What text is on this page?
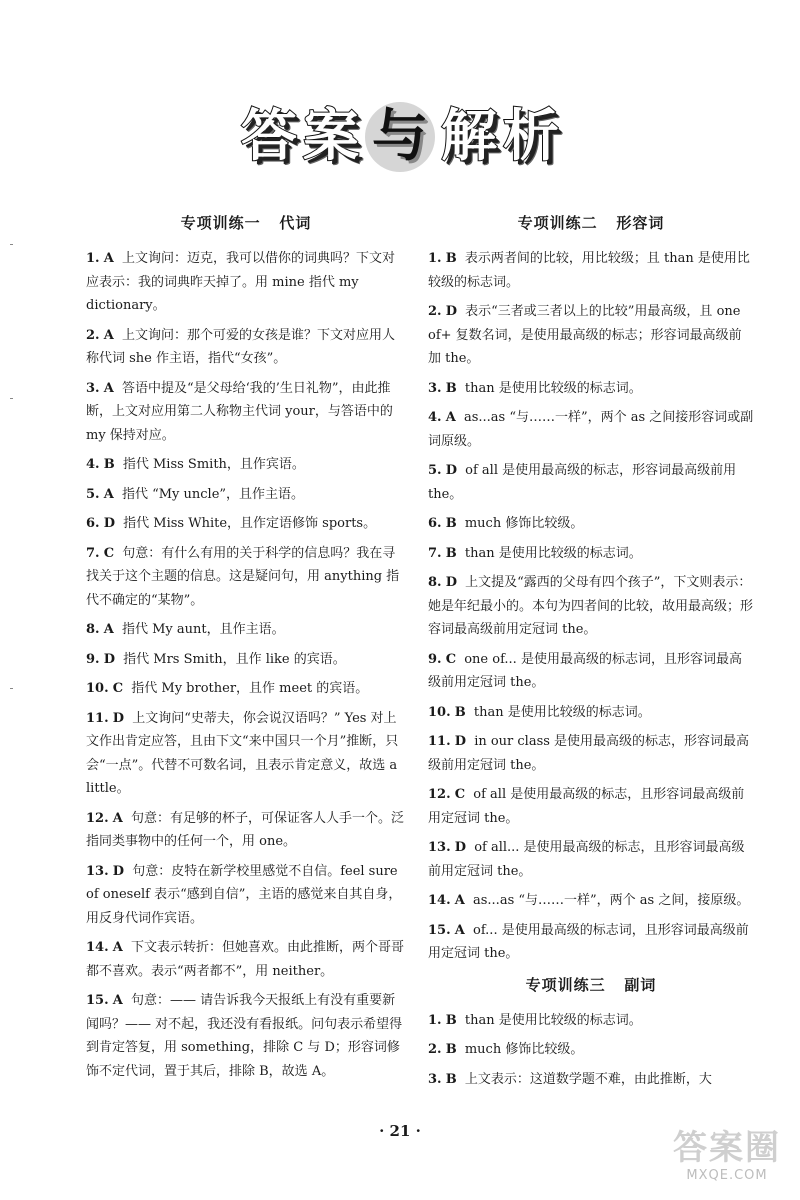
答 案 与 解 析
专项训练一   代词
1. A 上文询问：迈克，我可以借你的词典吗？下文对应表示：我的词典昨天掉了。用 mine 指代 my dictionary。
2. A 上文询问：那个可爱的女孩是谁？下文对应用人称代词 she 作主语，指代“女孩”。
3. A 答语中提及“是父母给‘我的’生日礼物”，由此推断，上文对应用第二人称物主代词 your，与答语中的 my 保持对应。
4. B 指代 Miss Smith，且作宾语。
5. A 指代 “My uncle”，且作主语。
6. D 指代 Miss White，且作定语修饰 sports。
7. C 句意：有什么有用的关于科学的信息吗？我在寻找关于这个主题的信息。这是疑问句，用 anything 指代不确定的“某物”。
8. A 指代 My aunt，且作主语。
9. D 指代 Mrs Smith，且作 like 的宾语。
10. C 指代 My brother，且作 meet 的宾语。
11. D 上文询问“史蒂夫，你会说汉语吗？” Yes 对上文作出肯定应答，且由下文“来中国只一个月”推断，只会“一点”。代替不可数名词，且表示肯定意义，故选 a little。
12. A 句意：有足够的杯子，可保证客人人手一个。泛指同类事物中的任何一个，用 one。
13. D 句意：皮特在新学校里感觉不自信。feel sure of oneself 表示“感到自信”，主语的感觉来自其自身，用反身代词作宾语。
14. A 下文表示转折：但她喜欢。由此推断，两个哥哥都不喜欢。表示“两者都不”，用 neither。
15. A 句意：—— 请告诉我今天报纸上有没有重要新闻吗？—— 对不起，我还没有看报纸。问句表示希望得到肯定答复，用 something，排除 C 与 D；形容词修饰不定代词，置于其后，排除 B，故选 A。
专项训练二   形容词
1. B 表示两者间的比较，用比较级；且 than 是使用比较级的标志词。
2. D 表示“三者或三者以上的比较”用最高级，且 one of+ 复数名词，是使用最高级的标志；形容词最高级前加 the。
3. B than 是使用比较级的标志词。
4. A as...as “与……一样”，两个 as 之间接形容词或副词原级。
5. D of all 是使用最高级的标志，形容词最高级前用 the。
6. B much 修饰比较级。
7. B than 是使用比较级的标志词。
8. D 上文提及“露西的父母有四个孩子”，下文则表示：她是年纪最小的。本句为四者间的比较，故用最高级；形容词最高级前用定冠词 the。
9. C one of... 是使用最高级的标志词，且形容词最高级前用定冠词 the。
10. B than 是使用比较级的标志词。
11. D in our class 是使用最高级的标志，形容词最高级前用定冠词 the。
12. C of all 是使用最高级的标志，且形容词最高级前用定冠词 the。
13. D of all... 是使用最高级的标志，且形容词最高级前用定冠词 the。
14. A as...as “与……一样”，两个 as 之间，接原级。
15. A of... 是使用最高级的标志词，且形容词最高级前用定冠词 the。
专项训练三   副词
1. B than 是使用比较级的标志词。
2. B much 修饰比较级。
3. B 上文表示：这道数学题不难，由此推断，大
· 21 ·	答案圈
MXQE.COM
